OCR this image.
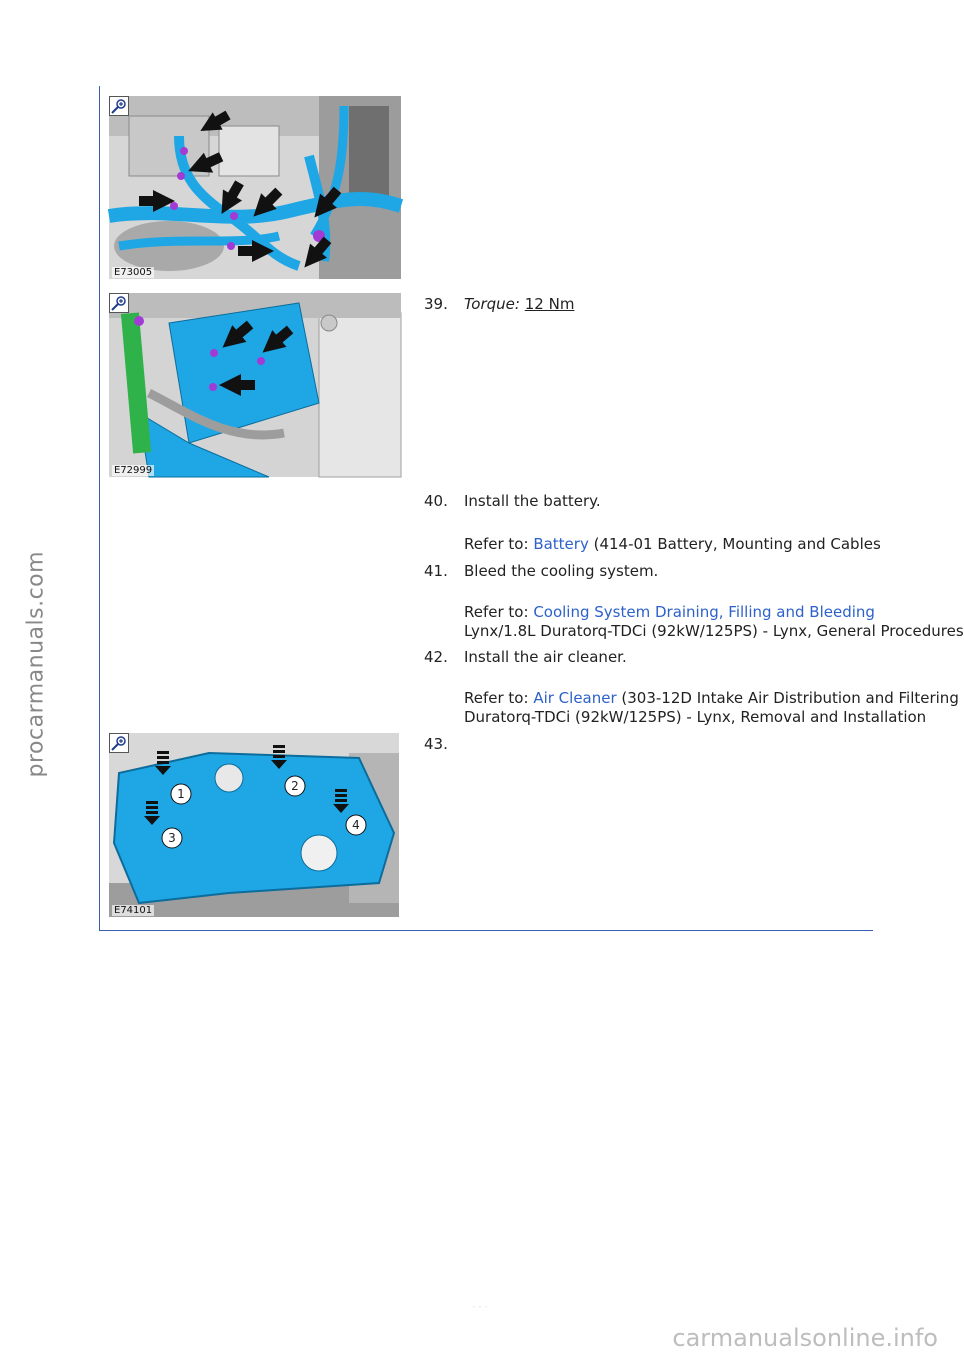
procarmanuals.com
E73005
E72999
1
2
3
4
E74101
39.	Torque: 12 Nm
40.	Install the battery.
Refer to: Battery (414-01 Battery, Mounting and Cables
41.	Bleed the cooling system.
Refer to: Cooling System Draining, Filling and Bleeding
Lynx/1.8L Duratorq-TDCi (92kW/125PS) - Lynx, General Procedures
42.	Install the air cleaner.
Refer to: Air Cleaner (303-12D Intake Air Distribution and Filtering
Duratorq-TDCi (92kW/125PS) - Lynx, Removal and Installation
43.
- - -
carmanualsonline.info
